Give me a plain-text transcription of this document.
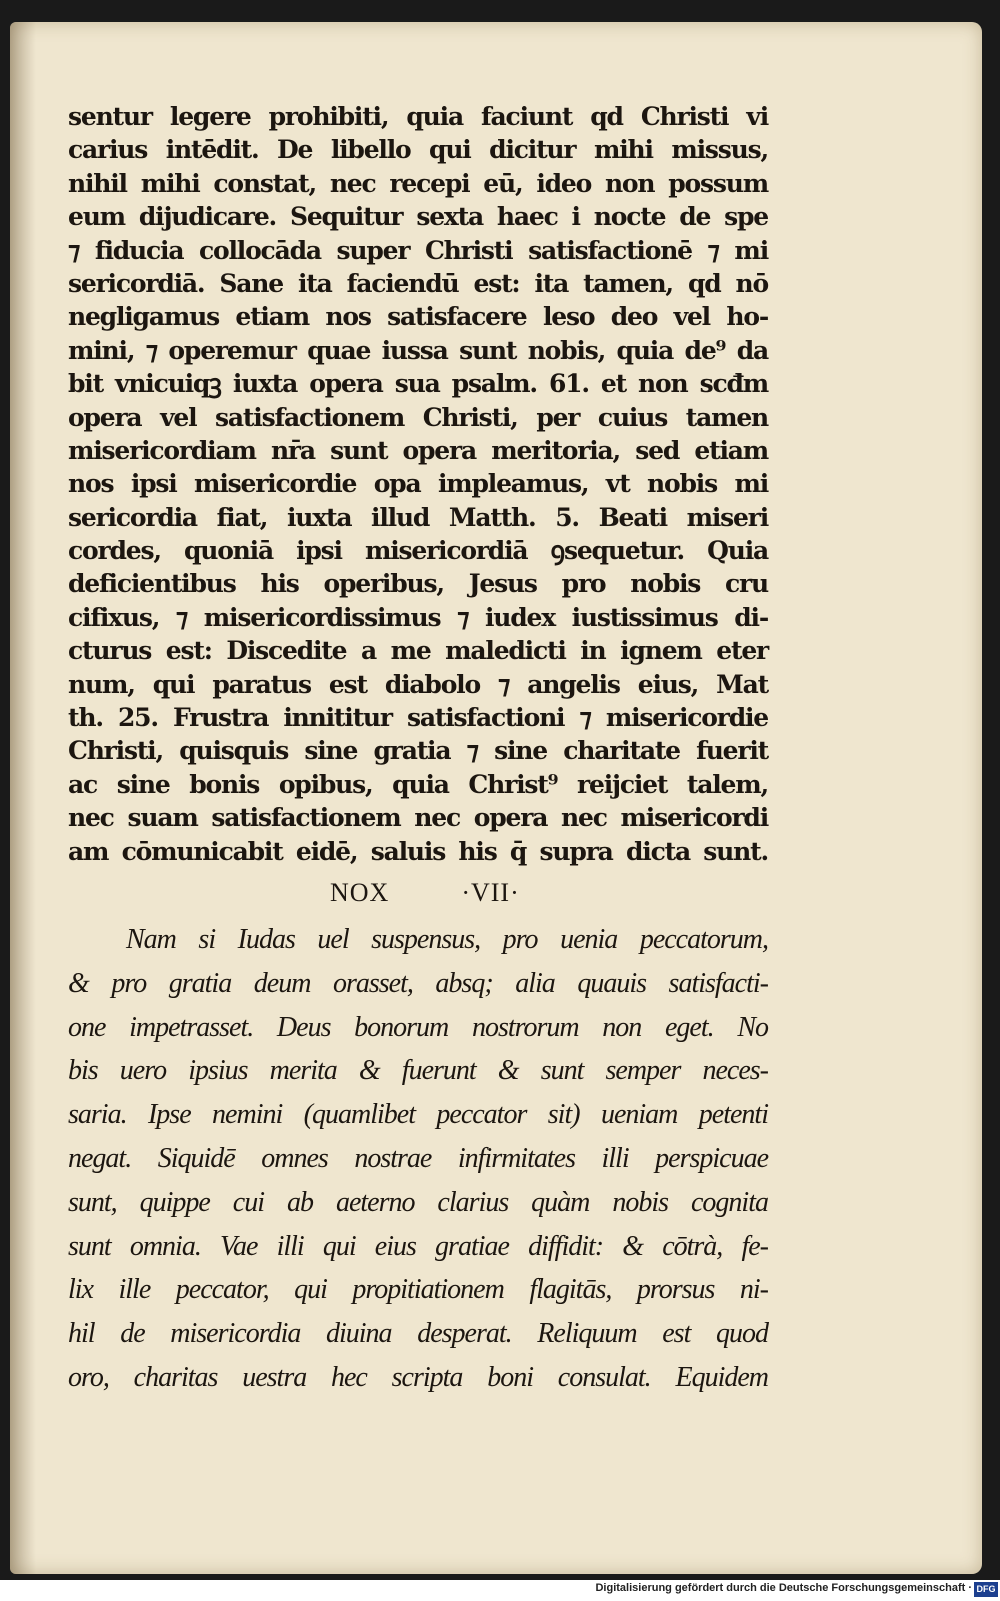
sentur legere prohibiti, quia faciunt qd Christi vi
carius intēdit. De libello qui dicitur mihi missus,
nihil mihi constat, nec recepi eū, ideo non possum
eum dijudicare. Sequitur sexta haec i nocte de spe
⁊ fiducia collocāda super Christi satisfactionē ⁊ mi
sericordiā. Sane ita faciendū est: ita tamen, qd nō
negligamus etiam nos satisfacere leso deo vel ho-
mini, ⁊ operemur quae iussa sunt nobis, quia de⁹ da
bit vnicuiqꝫ iuxta opera sua psalm. 61. et non scđm
opera vel satisfactionem Christi, per cuius tamen
misericordiam nr̄a sunt opera meritoria, sed etiam
nos ipsi misericordie opa impleamus, vt nobis mi
sericordia fiat, iuxta illud Matth. 5. Beati miseri
cordes, quoniā ipsi misericordiā ꝯsequetur. Quia
deficientibus his operibus, Jesus pro nobis cru
cifixus, ⁊ misericordissimus ⁊ iudex iustissimus di-
cturus est: Discedite a me maledicti in ignem eter
num, qui paratus est diabolo ⁊ angelis eius, Mat
th. 25. Frustra innititur satisfactioni ⁊ misericordie
Christi, quisquis sine gratia ⁊ sine charitate fuerit
ac sine bonis opibus, quia Christ⁹ reijciet talem,
nec suam satisfactionem nec opera nec misericordi
am cōmunicabit eidē, saluis his q̄ supra dicta sunt.
NOX	·VII·
Nam si Iudas uel suspensus, pro uenia peccatorum,
& pro gratia deum orasset, absq; alia quauis satisfacti-
one impetrasset. Deus bonorum nostrorum non eget. No
bis uero ipsius merita & fuerunt & sunt semper neces-
saria. Ipse nemini (quamlibet peccator sit) ueniam petenti
negat. Siquidē omnes nostrae infirmitates illi perspicuae
sunt, quippe cui ab aeterno clarius quàm nobis cognita
sunt omnia. Vae illi qui eius gratiae diffidit: & cōtrà, fe-
lix ille peccator, qui propitiationem flagitās, prorsus ni-
hil de misericordia diuina desperat. Reliquum est quod
oro, charitas uestra hec scripta boni consulat. Equidem
Digitalisierung gefördert durch die Deutsche Forschungsgemeinschaft · DFG
